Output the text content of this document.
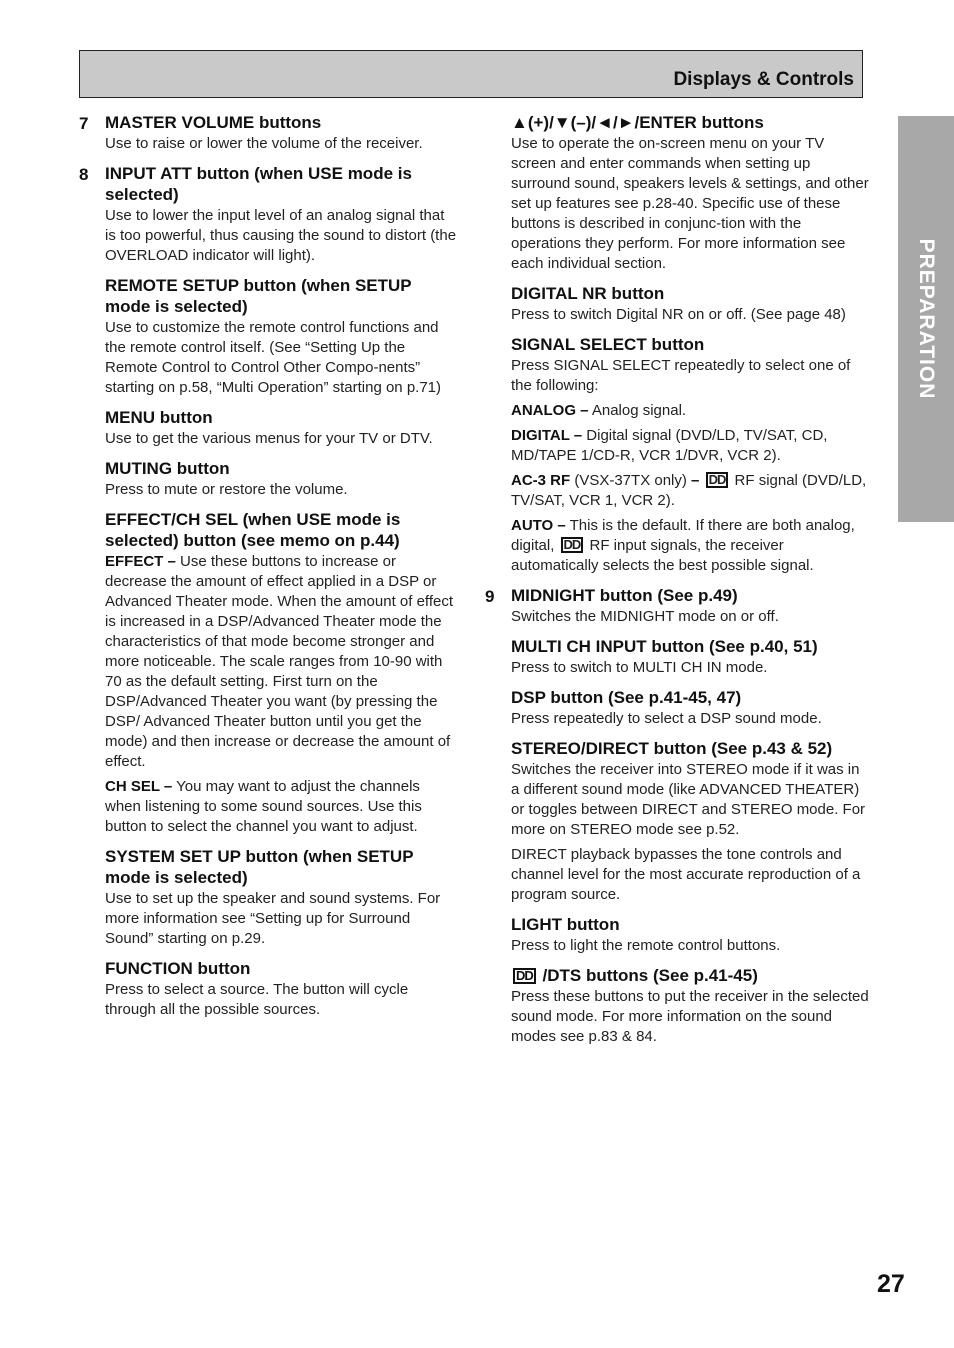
Displays & Controls
PREPARATION
7 MASTER VOLUME buttons
Use to raise or lower the volume of the receiver.
8 INPUT ATT button (when USE mode is selected)
Use to lower the input level of an analog signal that is too powerful, thus causing the sound to distort (the OVERLOAD indicator will light).
REMOTE SETUP button (when SETUP mode is selected)
Use to customize the remote control functions and the remote control itself. (See “Setting Up the Remote Control to Control Other Compo-nents” starting on p.58, “Multi Operation” starting on p.71)
MENU button
Use to get the various menus for your TV or DTV.
MUTING button
Press to mute or restore the volume.
EFFECT/CH SEL (when USE mode is selected) button (see memo on p.44)
EFFECT – Use these buttons to increase or decrease the amount of effect applied in a DSP or Advanced Theater mode. When the amount of effect is increased in a DSP/Advanced Theater mode the characteristics of that mode become stronger and more noticeable. The scale ranges from 10-90 with 70 as the default setting. First turn on the DSP/Advanced Theater you want (by pressing the DSP/ Advanced Theater button until you get the mode) and then increase or decrease the amount of effect.
CH SEL – You may want to adjust the channels when listening to some sound sources. Use this button to select the channel you want to adjust.
SYSTEM SET UP button (when SETUP mode is selected)
Use to set up the speaker and sound systems. For more information see “Setting up for Surround Sound” starting on p.29.
FUNCTION button
Press to select a source. The button will cycle through all the possible sources.
▲(+)/▼(–)/◄/►/ENTER buttons
Use to operate the on-screen menu on your TV screen and enter commands when setting up surround sound, speakers levels & settings, and other set up features see p.28-40. Specific use of these buttons is described in conjunc-tion with the operations they perform. For more information see each individual section.
DIGITAL NR button
Press to switch Digital NR on or off. (See page 48)
SIGNAL SELECT button
Press SIGNAL SELECT repeatedly to select one of the following:
ANALOG – Analog signal.
DIGITAL – Digital signal (DVD/LD, TV/SAT, CD, MD/TAPE 1/CD-R, VCR 1/DVR, VCR 2).
AC-3 RF (VSX-37TX only) – DD RF signal (DVD/LD, TV/SAT, VCR 1, VCR 2).
AUTO – This is the default. If there are both analog, digital, DD RF input signals, the receiver automatically selects the best possible signal.
9 MIDNIGHT button (See p.49)
Switches the MIDNIGHT mode on or off.
MULTI CH INPUT button (See p.40, 51)
Press to switch to MULTI CH IN mode.
DSP button (See p.41-45, 47)
Press repeatedly to select a DSP sound mode.
STEREO/DIRECT button (See p.43 & 52)
Switches the receiver into STEREO mode if it was in a different sound mode (like ADVANCED THEATER) or toggles between DIRECT and STEREO mode. For more on STEREO mode see p.52.
DIRECT playback bypasses the tone controls and channel level for the most accurate reproduction of a program source.
LIGHT button
Press to light the remote control buttons.
DD /DTS buttons (See p.41-45)
Press these buttons to put the receiver in the selected sound mode. For more information on the sound modes see p.83 & 84.
27
